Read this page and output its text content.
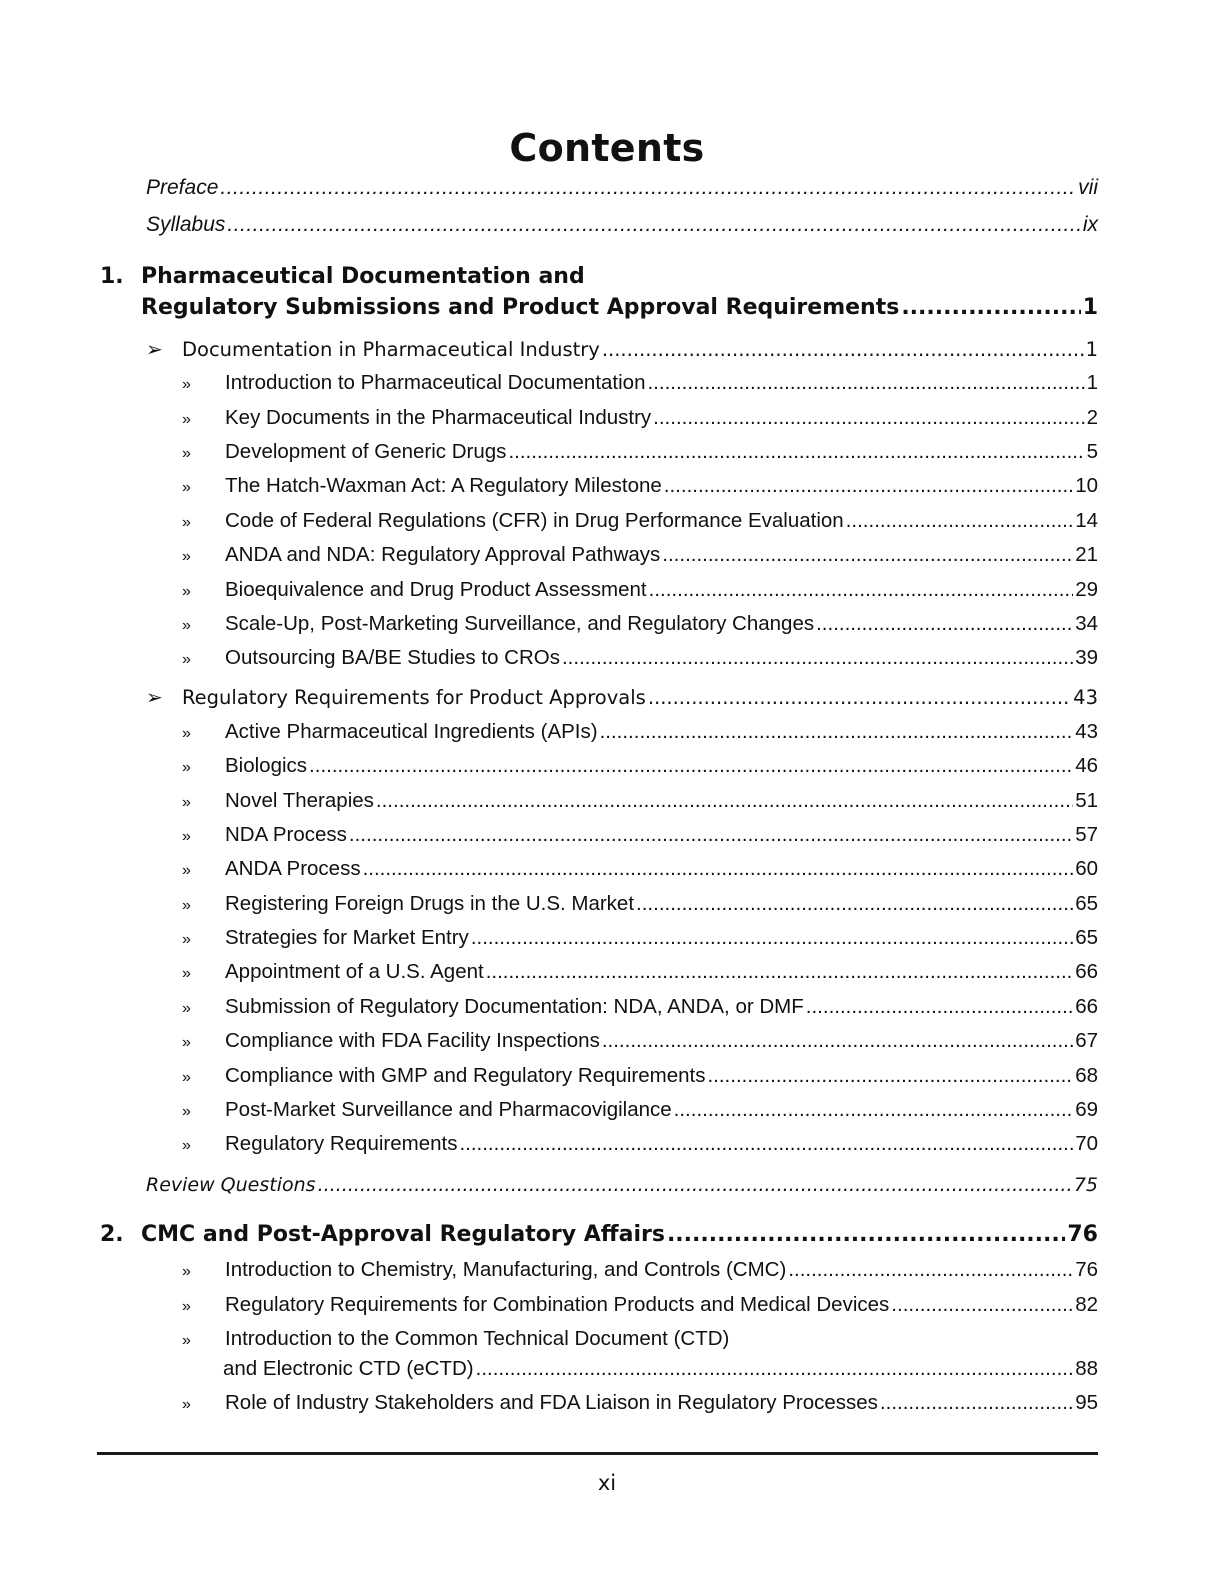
Contents
Preface .....	vii
Syllabus .....	ix
1. Pharmaceutical Documentation and
Regulatory Submissions and Product Approval Requirements .....	1
➢ Documentation in Pharmaceutical Industry .....	1
»	Introduction to Pharmaceutical Documentation .....	1
»	Key Documents in the Pharmaceutical Industry .....	2
»	Development of Generic Drugs .....	5
»	The Hatch-Waxman Act: A Regulatory Milestone .....	10
»	Code of Federal Regulations (CFR) in Drug Performance Evaluation .....	14
»	ANDA and NDA: Regulatory Approval Pathways .....	21
»	Bioequivalence and Drug Product Assessment .....	29
»	Scale-Up, Post-Marketing Surveillance, and Regulatory Changes .....	34
»	Outsourcing BA/BE Studies to CROs .....	39
➢ Regulatory Requirements for Product Approvals .....	43
»	Active Pharmaceutical Ingredients (APIs) .....	43
»	Biologics .....	46
»	Novel Therapies .....	51
»	NDA Process .....	57
»	ANDA Process .....	60
»	Registering Foreign Drugs in the U.S. Market .....	65
»	Strategies for Market Entry .....	65
»	Appointment of a U.S. Agent .....	66
»	Submission of Regulatory Documentation: NDA, ANDA, or DMF .....	66
»	Compliance with FDA Facility Inspections .....	67
»	Compliance with GMP and Regulatory Requirements .....	68
»	Post-Market Surveillance and Pharmacovigilance .....	69
»	Regulatory Requirements .....	70
Review Questions .....	75
2. CMC and Post-Approval Regulatory Affairs .....	76
»	Introduction to Chemistry, Manufacturing, and Controls (CMC) .....	76
»	Regulatory Requirements for Combination Products and Medical Devices .....	82
»	Introduction to the Common Technical Document (CTD)
and Electronic CTD (eCTD) .....	88
»	Role of Industry Stakeholders and FDA Liaison in Regulatory Processes .....	95
xi
